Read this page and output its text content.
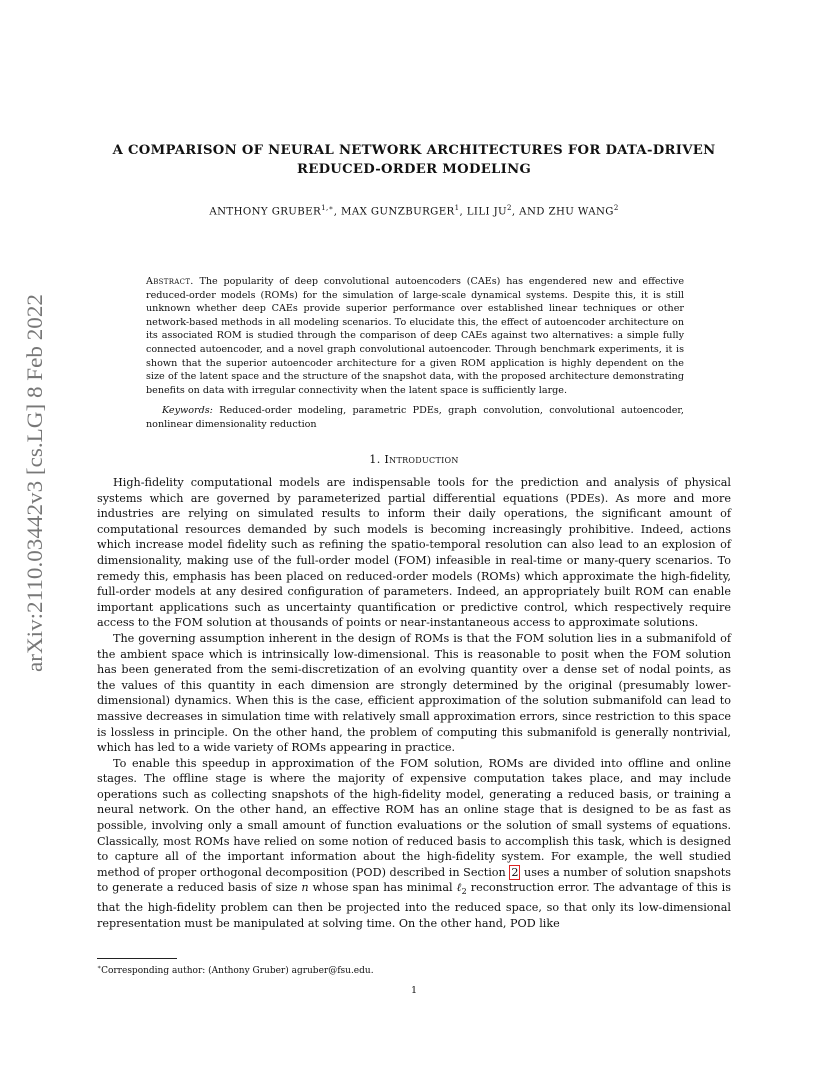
arXiv:2110.03442v3 [cs.LG] 8 Feb 2022
A COMPARISON OF NEURAL NETWORK ARCHITECTURES FOR DATA-DRIVEN
REDUCED-ORDER MODELING
ANTHONY $GRUBER^{1,∗}$, MAX GUNZBURGER$^1$, LILI $JU^2$, AND ZHU WANG$^2$
Abstract. The popularity of deep convolutional autoencoders (CAEs) has engendered new and effective reduced-order models (ROMs) for the simulation of large-scale dynamical systems. Despite this, it is still unknown whether deep CAEs provide superior performance over established linear techniques or other network-based methods in all modeling scenarios. To elucidate this, the effect of autoencoder architecture on its associated ROM is studied through the comparison of deep CAEs against two alternatives: a simple fully connected autoencoder, and a novel graph convolutional autoencoder. Through benchmark experiments, it is shown that the superior autoencoder architecture for a given ROM application is highly dependent on the size of the latent space and the structure of the snapshot data, with the proposed architecture demonstrating benefits on data with irregular connectivity when the latent space is sufficiently large.
Keywords: Reduced-order modeling, parametric PDEs, graph convolution, convolutional autoencoder, nonlinear dimensionality reduction
1. Introduction

High-fidelity computational models are indispensable tools for the prediction and analysis of physical systems which are governed by parameterized partial differential equations (PDEs). As more and more industries are relying on simulated results to inform their daily operations, the significant amount of computational resources demanded by such models is becoming increasingly prohibitive. Indeed, actions which increase model fidelity such as refining the spatio-temporal resolution can also lead to an explosion of dimensionality, making use of the full-order model (FOM) infeasible in real-time or many-query scenarios. To remedy this, emphasis has been placed on reduced-order models (ROMs) which approximate the high-fidelity, full-order models at any desired configuration of parameters. Indeed, an appropriately built ROM can enable important applications such as uncertainty quantification or predictive control, which respectively require access to the FOM solution at thousands of points or near-instantaneous access to approximate solutions.

The governing assumption inherent in the design of ROMs is that the FOM solution lies in a submanifold of the ambient space which is intrinsically low-dimensional. This is reasonable to posit when the FOM solution has been generated from the semi-discretization of an evolving quantity over a dense set of nodal points, as the values of this quantity in each dimension are strongly determined by the original (presumably lower-dimensional) dynamics. When this is the case, efficient approximation of the solution submanifold can lead to massive decreases in simulation time with relatively small approximation errors, since restriction to this space is lossless in principle. On the other hand, the problem of computing this submanifold is generally nontrivial, which has led to a wide variety of ROMs appearing in practice.

To enable this speedup in approximation of the FOM solution, ROMs are divided into offline and online stages. The offline stage is where the majority of expensive computation takes place, and may include operations such as collecting snapshots of the high-fidelity model, generating a reduced basis, or training a neural network. On the other hand, an effective ROM has an online stage that is designed to be as fast as possible, involving only a small amount of function evaluations or the solution of small systems of equations. Classically, most ROMs have relied on some notion of reduced basis to accomplish this task, which is designed to capture all of the important information about the high-fidelity system. For example, the well studied method of proper orthogonal decomposition (POD) described in Section 2 uses a number of solution snapshots to generate a reduced basis of size n whose span has minimal ℓ$_2$ reconstruction error. The advantage of this is that the high-fidelity problem can then be projected into the reduced space, so that only its low-dimensional representation must be manipulated at solving time. On the other hand, POD like

∗Corresponding author: (Anthony Gruber) agruber@fsu.edu.
1
